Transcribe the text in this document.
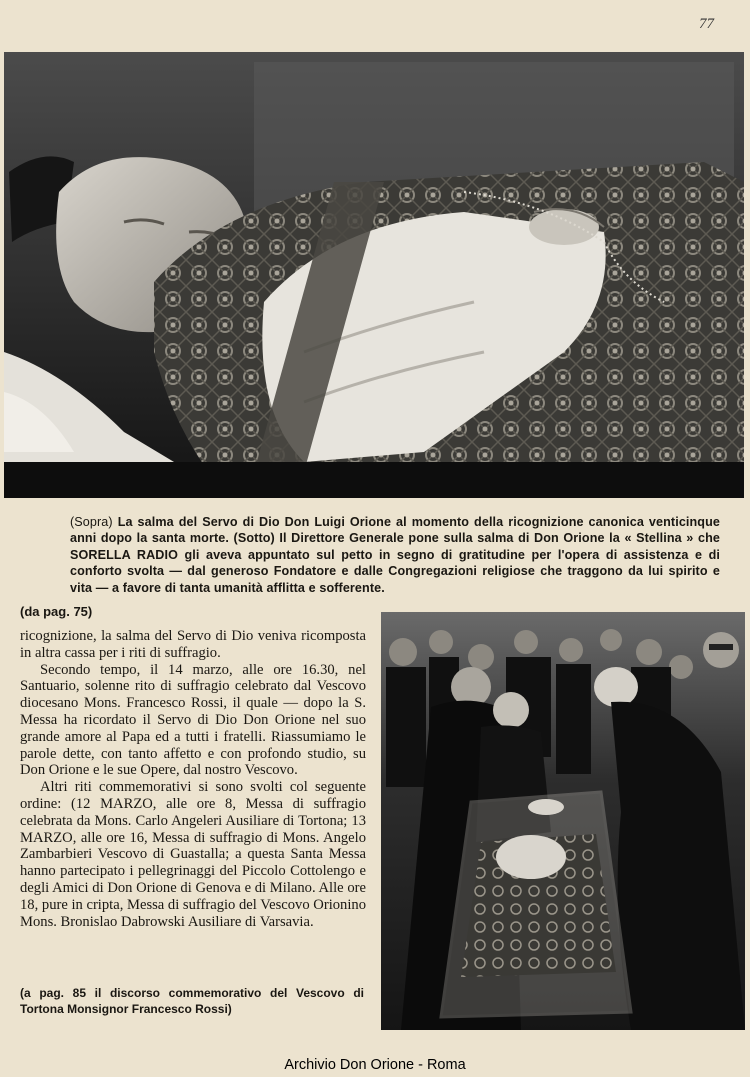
77
(Sopra) La salma del Servo di Dio Don Luigi Orione al momento della ricognizione canonica venticinque anni dopo la santa morte. (Sotto) Il Direttore Generale pone sulla salma di Don Orione la « Stellina » che SORELLA RADIO gli aveva appuntato sul petto in segno di gratitudine per l'opera di assistenza e di conforto svolta — dal generoso Fondatore e dalle Congregazioni religiose che traggono da lui spirito e vita — a favore di tanta umanità afflitta e sofferente.
(da pag. 75)

ricognizione, la salma del Servo di Dio veniva ricomposta in altra cassa per i riti di suffragio.

Secondo tempo, il 14 marzo, alle ore 16.30, nel Santuario, solenne rito di suffragio celebrato dal Vescovo diocesano Mons. Francesco Rossi, il quale — dopo la S. Messa ha ricordato il Servo di Dio Don Orione nel suo grande amore al Papa ed a tutti i fratelli. Riassumiamo le parole dette, con tanto affetto e con profondo studio, su Don Orione e le sue Opere, dal nostro Vescovo.

Altri riti commemorativi si sono svolti col seguente ordine: (12 MARZO, alle ore 8, Messa di suffragio celebrata da Mons. Carlo Angeleri Ausiliare di Tortona; 13 MARZO, alle ore 16, Messa di suffragio di Mons. Angelo Zambarbieri Vescovo di Guastalla; a questa Santa Messa hanno partecipato i pellegrinaggi del Piccolo Cottolengo e degli Amici di Don Orione di Genova e di Milano. Alle ore 18, pure in cripta, Messa di suffragio del Vescovo Orionino Mons. Bronislao Dabrowski Ausiliare di Varsavia.

(a pag. 85 il discorso commemorativo del Vescovo di Tortona Monsignor Francesco Rossi)
Archivio Don Orione - Roma
